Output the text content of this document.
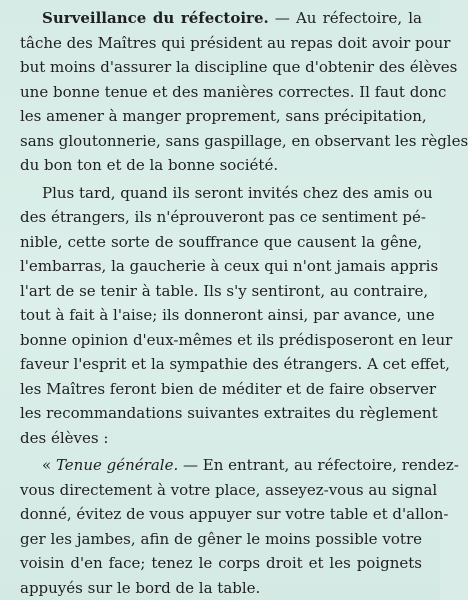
Surveillance du réfectoire. — Au réfectoire, la
tâche des Maîtres qui président au repas doit avoir pour
but moins d'assurer la discipline que d'obtenir des élèves
une bonne tenue et des manières correctes. Il faut donc
les amener à manger proprement, sans précipitation,
sans gloutonnerie, sans gaspillage, en observant les règles
du bon ton et de la bonne société.
Plus tard, quand ils seront invités chez des amis ou
des étrangers, ils n'éprouveront pas ce sentiment pé-
nible, cette sorte de souffrance que causent la gêne,
l'embarras, la gaucherie à ceux qui n'ont jamais appris
l'art de se tenir à table. Ils s'y sentiront, au contraire,
tout à fait à l'aise; ils donneront ainsi, par avance, une
bonne opinion d'eux-mêmes et ils prédisposeront en leur
faveur l'esprit et la sympathie des étrangers. A cet effet,
les Maîtres feront bien de méditer et de faire observer
les recommandations suivantes extraites du règlement
des élèves :
« Tenue générale. — En entrant, au réfectoire, rendez-
vous directement à votre place, asseyez-vous au signal
donné, évitez de vous appuyer sur votre table et d'allon-
ger les jambes, afin de gêner le moins possible votre
voisin d'en face; tenez le corps droit et les poignets
appuyés sur le bord de la table.
